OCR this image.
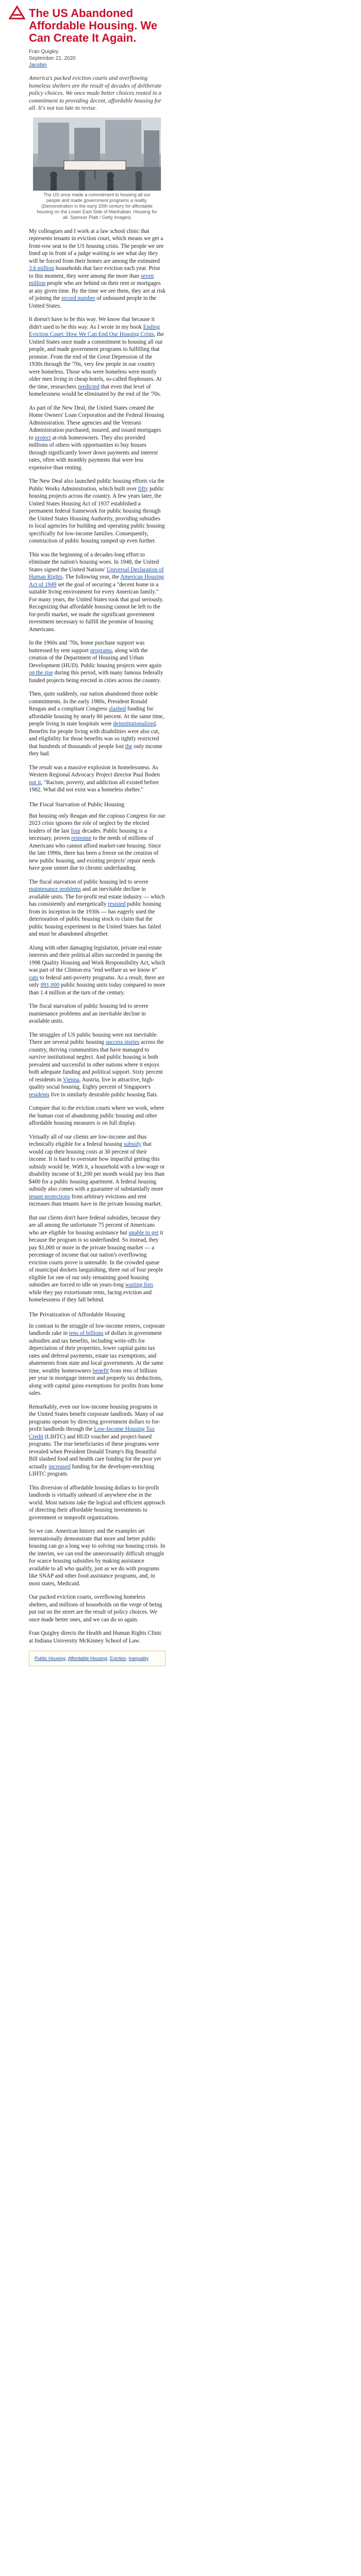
The US Abandoned Affordable Housing. We Can Create It Again.
Fran Quigley
September 21, 2020
Jacobin
America's packed eviction courts and overflowing homeless shelters are the result of decades of deliberate policy choices. We once made better choices rooted in a commitment to providing decent, affordable housing for all. It's not too late to revise.
The US once made a commitment to housing all our people and made government programs a reality. (Demonstration in the early 20th century for affordable housing on the Lower East Side of Manhattan. Housing for all. Spencer Platt / Getty Images)

My colleagues and I work at a law school clinic that represents tenants in eviction court, which means we get a front-row seat to the US housing crisis. The people we see lined up in front of a judge waiting to see what day they will be forced from their homes are among the estimated 3.6 million households that face eviction each year. Prior to this moment, they were among the more than seven million people who are behind on their rent or mortgages at any given time. By the time we see them, they are at risk of joining the record number of unhoused people in the United States.

It doesn't have to be this way. We know that because it didn't used to be this way. As I wrote in my book Ending Eviction Court: How We Can End Our Housing Crisis, the United States once made a commitment to housing all our people, and made government programs to fulfilling that promise. From the end of the Great Depression of the 1930s through the '70s, very few people in our country were homeless. Those who were homeless were mostly older men living in cheap hotels, so-called flophouses. At the time, researchers predicted that even that level of homelessness would be eliminated by the end of the '70s.

As part of the New Deal, the United States created the Home Owners' Loan Corporation and the Federal Housing Administration. These agencies and the Veterans Administration purchased, insured, and issued mortgages to protect at-risk homeowners. They also provided millions of others with opportunities to buy houses through significantly lower down payments and interest rates, often with monthly payments that were less expensive than renting.

The New Deal also launched public housing efforts via the Public Works Administration, which built over fifty public housing projects across the country. A few years later, the United States Housing Act of 1937 established a permanent federal framework for public housing through the United States Housing Authority, providing subsidies to local agencies for building and operating public housing specifically for low-income families. Consequently, construction of public housing ramped up even further.

This was the beginning of a decades-long effort to eliminate the nation's housing woes. In 1948, the United States signed the United Nations' Universal Declaration of Human Rights. The following year, the American Housing Act of 1949 set the goal of securing a "decent home in a suitable living environment for every American family." For many years, the United States took that goal seriously. Recognizing that affordable housing cannot be left to the for-profit market, we made the significant government investment necessary to fulfill the promise of housing Americans.

In the 1960s and '70s, home purchase support was buttressed by rent support programs, along with the creation of the Department of Housing and Urban Development (HUD). Public housing projects were again on the rise during this period, with many famous federally funded projects being erected in cities across the country.

Then, quite suddenly, our nation abandoned those noble commitments. In the early 1980s, President Ronald Reagan and a compliant Congress slashed funding for affordable housing by nearly 80 percent. At the same time, people living in state hospitals were deinstitutionalized. Benefits for people living with disabilities were also cut, and eligibility for those benefits was so tightly restricted that hundreds of thousands of people lost the only income they had.

The result was a massive explosion in homelessness. As Western Regional Advocacy Project director Paul Boden put it, "Racism, poverty, and addiction all existed before 1982. What did not exist was a homeless shelter."

The Fiscal Starvation of Public Housing

But housing only Reagan and the copious Congress for our 2023 crisis ignores the role of neglect by the elected leaders of the last four decades. Public housing is a necessary, proven response to the needs of millions of Americans who cannot afford market-rate housing. Since the late 1990s, there has been a freeze on the creation of new public housing, and existing projects' repair needs have gone unmet due to chronic underfunding.

The fiscal starvation of public housing led to severe maintenance problems and an inevitable decline in available units. The for-profit real estate industry — which has consistently and energetically resisted public housing from its inception in the 1930s — has eagerly used the deterioration of public housing stock to claim that the public housing experiment in the United States has failed and must be abandoned altogether.

Along with other damaging legislation, private real estate interests and their political allies succeeded in passing the 1998 Quality Housing and Work Responsibility Act, which was part of the Clinton-era "end welfare as we know it" cuts to federal anti-poverty programs. As a result, there are only 891,000 public housing units today compared to more than 1.4 million at the turn of the century.

The fiscal starvation of public housing led to severe maintenance problems and an inevitable decline in available units.

The struggles of US public housing were not inevitable. There are several public housing success stories across the country, thriving communities that have managed to survive institutional neglect. And public housing is both prevalent and successful in other nations where it enjoys both adequate funding and political support. Sixty percent of residents in Vienna, Austria, live in attractive, high-quality social housing. Eighty percent of Singapore's residents live in similarly desirable public housing flats.

Compare that to the eviction courts where we work, where the human cost of abandoning public housing and other affordable housing measures is on full display.

Virtually all of our clients are low-income and thus technically eligible for a federal housing subsidy that would cap their housing costs at 30 percent of their income. It is hard to overstate how impactful getting this subsidy would be. With it, a household with a low-wage or disability income of $1,200 per month would pay less than $400 for a public housing apartment. A federal housing subsidy also comes with a guarantee of substantially more tenant protections from arbitrary evictions and rent increases than tenants have in the private housing market.

But our clients don't have federal subsidies, because they are all among the unfortunate 75 percent of Americans who are eligible for housing assistance but unable to get it because the program is so underfunded. So instead, they pay $1,000 or more in the private housing market — a percentage of income that our nation's overflowing eviction courts prove is untenable. In the crowded queue of municipal dockets languishing, three out of four people eligible for one of our only remaining good housing subsidies are forced to idle on years-long waiting lists while they pay extortionate rents, facing eviction and homelessness if they fall behind.

The Privatization of Affordable Housing

In contrast to the struggle of low-income renters, corporate landlords rake in tens of billions of dollars in government subsidies and tax benefits, including write-offs for depreciation of their properties, lower capital gains tax rates and deferral payments, estate tax exemptions, and abatements from state and local governments. At the same time, wealthy homeowners benefit from tens of billions per year in mortgage interest and property tax deductions, along with capital gains exemptions for profits from home sales.

Remarkably, even our low-income housing programs in the United States benefit corporate landlords. Many of our programs operate by directing government dollars to for-profit landlords through the Low-Income Housing Tax Credit (LIHTC) and HUD voucher and project-based programs. The true beneficiaries of these programs were revealed when President Donald Trump's Big Beautiful Bill slashed food and health care funding for the poor yet actually increased funding for the developer-enriching LIHTC program.

This diversion of affordable housing dollars to for-profit landlords is virtually unheard of anywhere else in the world. Most nations take the logical and efficient approach of directing their affordable housing investments to government or nonprofit organizations.

So we can. American history and the examples set internationally demonstrate that more and better public housing can go a long way to solving our housing crisis. In the interim, we can end the unnecessarily difficult struggle for scarce housing subsidies by making assistance available to all who qualify, just as we do with programs like SNAP and other food assistance programs, and, in most states, Medicaid.

Our packed eviction courts, overflowing homeless shelters, and millions of households on the verge of being put out on the street are the result of policy choices. We once made better ones, and we can do so again.

Fran Quigley directs the Health and Human Rights Clinic at Indiana University McKinney School of Law.

Public Housing, Affordable Housing, Eviction, Inequality
